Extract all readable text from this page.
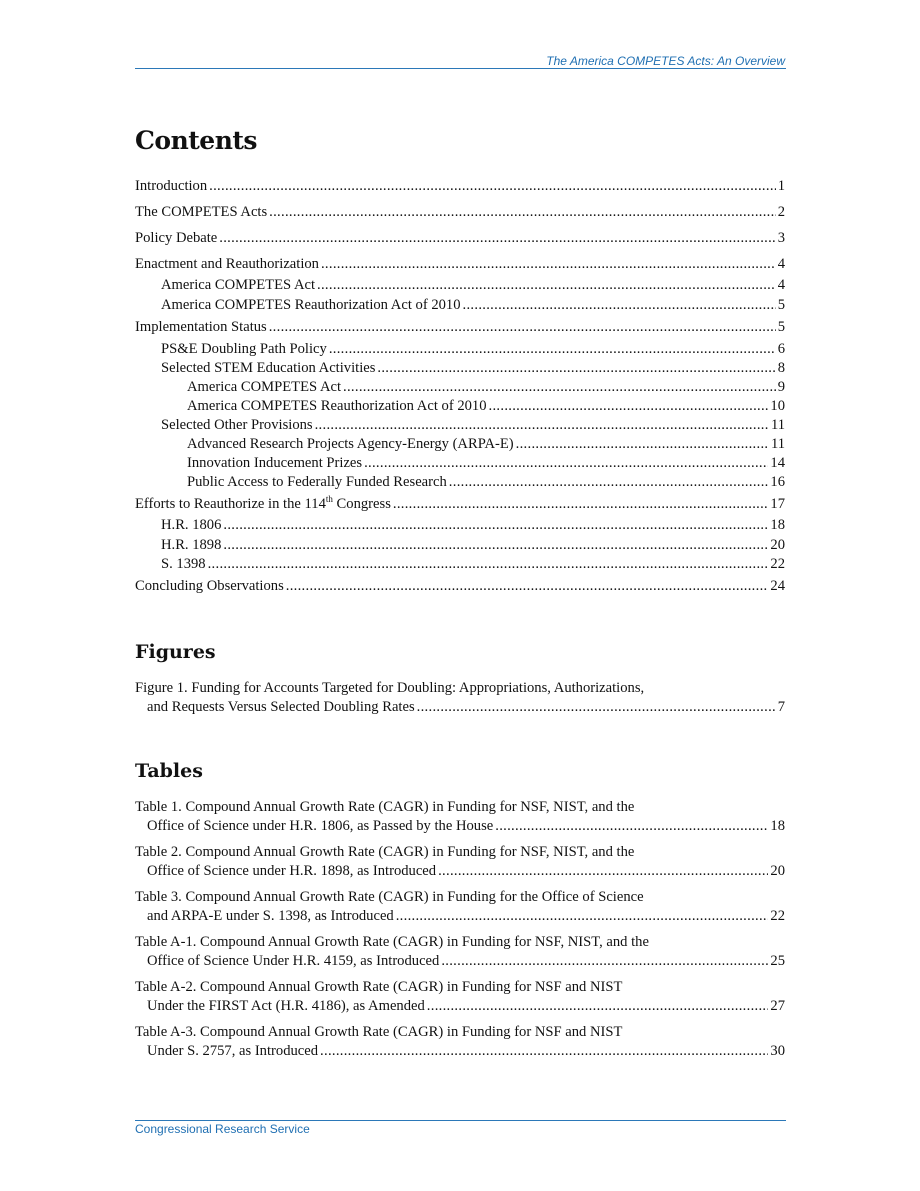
The America COMPETES Acts: An Overview
Contents
Introduction .....	1
The COMPETES Acts .....	2
Policy Debate .....	3
Enactment and Reauthorization .....	4
America COMPETES Act .....	4
America COMPETES Reauthorization Act of 2010 .....	5
Implementation Status .....	5
PS&E Doubling Path Policy .....	6
Selected STEM Education Activities .....	8
America COMPETES Act .....	9
America COMPETES Reauthorization Act of 2010 .....	10
Selected Other Provisions .....	11
Advanced Research Projects Agency-Energy (ARPA-E) .....	11
Innovation Inducement Prizes .....	14
Public Access to Federally Funded Research .....	16
Efforts to Reauthorize in the 114th Congress .....	17
H.R. 1806 .....	18
H.R. 1898 .....	20
S. 1398 .....	22
Concluding Observations .....	24
Figures
Figure 1. Funding for Accounts Targeted for Doubling: Appropriations, Authorizations,
and Requests Versus Selected Doubling Rates .....	7
Tables
Table 1. Compound Annual Growth Rate (CAGR) in Funding for NSF, NIST, and the
Office of Science under H.R. 1806, as Passed by the House .....	18
Table 2. Compound Annual Growth Rate (CAGR) in Funding for NSF, NIST, and the
Office of Science under H.R. 1898, as Introduced .....	20
Table 3. Compound Annual Growth Rate (CAGR) in Funding for the Office of Science
and ARPA-E under S. 1398, as Introduced .....	22
Table A-1. Compound Annual Growth Rate (CAGR) in Funding for NSF, NIST, and the
Office of Science Under H.R. 4159, as Introduced .....	25
Table A-2. Compound Annual Growth Rate (CAGR) in Funding for NSF and NIST
Under the FIRST Act (H.R. 4186), as Amended .....	27
Table A-3. Compound Annual Growth Rate (CAGR) in Funding for NSF and NIST
Under S. 2757, as Introduced .....	30
Congressional Research Service
